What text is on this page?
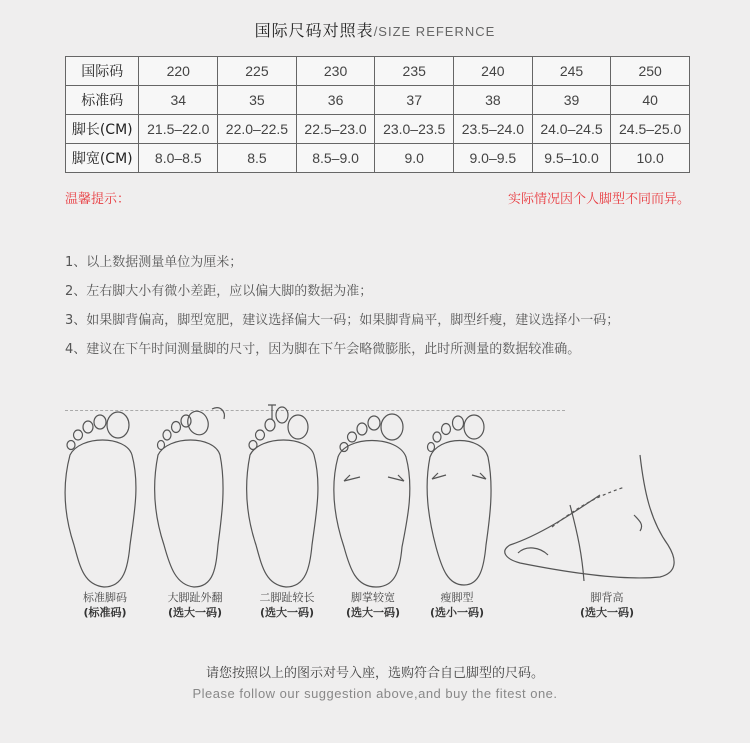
国际尺码对照表/SIZE REFERNCE
国际码	220	225	230	235	240	245	250
标准码	34	35	36	37	38	39	40
脚长(CM)	21.5–22.0	22.0–22.5	22.5–23.0	23.0–23.5	23.5–24.0	24.0–24.5	24.5–25.0
脚宽(CM)	8.0–8.5	8.5	8.5–9.0	9.0	9.0–9.5	9.5–10.0	10.0
温馨提示：	实际情况因个人脚型不同而异。
1、以上数据测量单位为厘米；
2、左右脚大小有微小差距，应以偏大脚的数据为准；
3、如果脚背偏高，脚型宽肥，建议选择偏大一码；如果脚背扁平，脚型纤瘦，建议选择小一码；
4、建议在下午时间测量脚的尺寸，因为脚在下午会略微膨胀，此时所测量的数据较准确。
标准脚码
(标准码)
大脚趾外翻
(选大一码)
二脚趾较长
(选大一码)
脚掌较宽
(选大一码)
瘦脚型
(选小一码)
脚背高
(选大一码)
请您按照以上的图示对号入座，选购符合自己脚型的尺码。
Please follow our suggestion above,and buy the fitest one.
